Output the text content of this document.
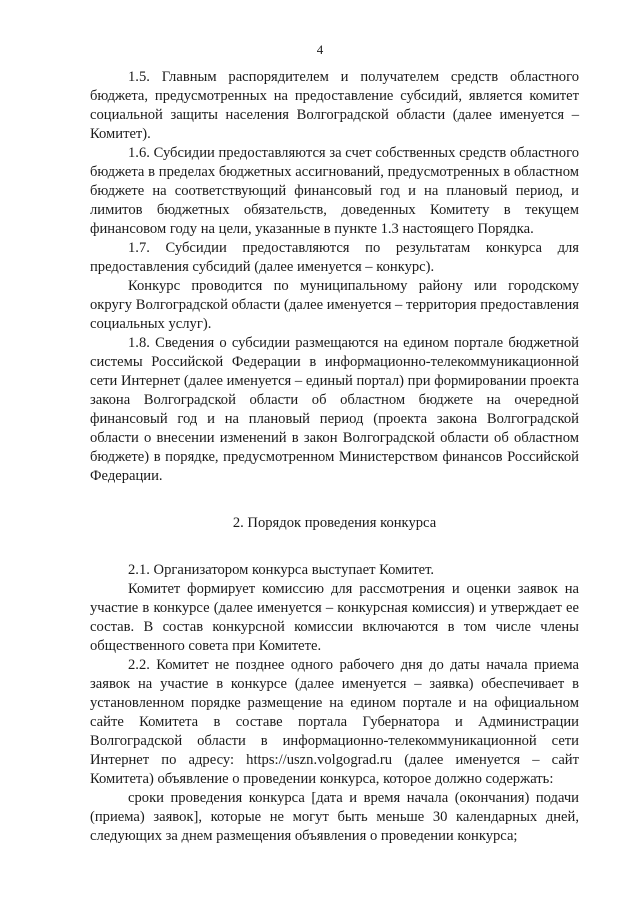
4

1.5. Главным распорядителем и получателем средств областного бюджета, предусмотренных на предоставление субсидий, является комитет социальной защиты населения Волгоградской области (далее именуется – Комитет).

1.6. Субсидии предоставляются за счет собственных средств областного бюджета в пределах бюджетных ассигнований, предусмотренных в областном бюджете на соответствующий финансовый год и на плановый период, и лимитов бюджетных обязательств, доведенных Комитету в текущем финансовом году на цели, указанные в пункте 1.3 настоящего Порядка.

1.7. Субсидии предоставляются по результатам конкурса для предоставления субсидий (далее именуется – конкурс).

Конкурс проводится по муниципальному району или городскому округу Волгоградской области (далее именуется – территория предоставления социальных услуг).

1.8. Сведения о субсидии размещаются на едином портале бюджетной системы Российской Федерации в информационно-телекоммуникационной сети Интернет (далее именуется – единый портал) при формировании проекта закона Волгоградской области об областном бюджете на очередной финансовый год и на плановый период (проекта закона Волгоградской области о внесении изменений в закон Волгоградской области об областном бюджете) в порядке, предусмотренном Министерством финансов Российской Федерации.

2. Порядок проведения конкурса

2.1. Организатором конкурса выступает Комитет.

Комитет формирует комиссию для рассмотрения и оценки заявок на участие в конкурсе (далее именуется – конкурсная комиссия) и утверждает ее состав. В состав конкурсной комиссии включаются в том числе члены общественного совета при Комитете.

2.2. Комитет не позднее одного рабочего дня до даты начала приема заявок на участие в конкурсе (далее именуется – заявка) обеспечивает в установленном порядке размещение на едином портале и на официальном сайте Комитета в составе портала Губернатора и Администрации Волгоградской области в информационно-телекоммуникационной сети Интернет по адресу: https://uszn.volgograd.ru (далее именуется – сайт Комитета) объявление о проведении конкурса, которое должно содержать:

сроки проведения конкурса [дата и время начала (окончания) подачи (приема) заявок], которые не могут быть меньше 30 календарных дней, следующих за днем размещения объявления о проведении конкурса;
